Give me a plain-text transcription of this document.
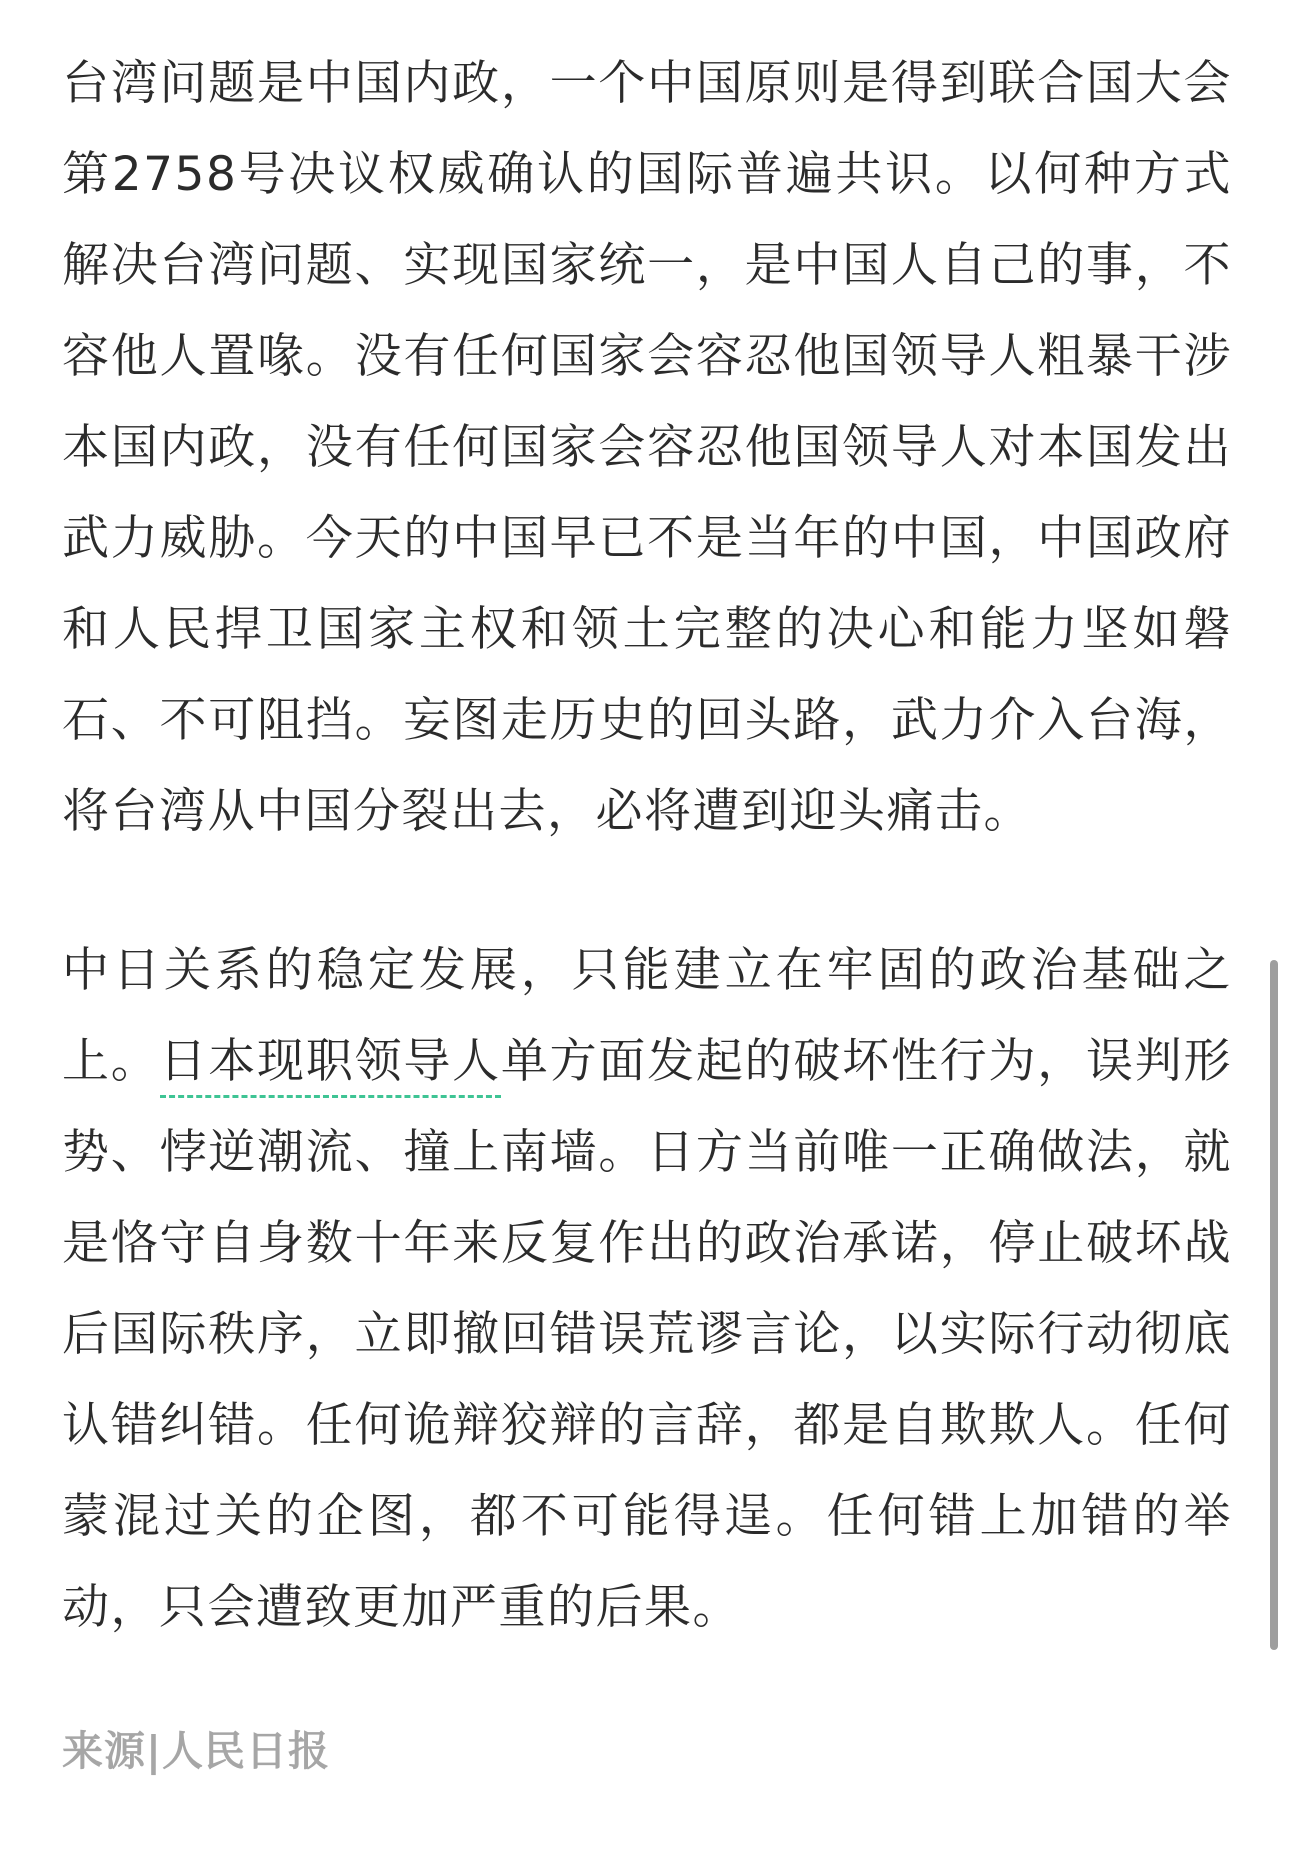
台湾问题是中国内政，一个中国原则是得到联合国大会第2758号决议权威确认的国际普遍共识。以何种方式解决台湾问题、实现国家统一，是中国人自己的事，不容他人置喙。没有任何国家会容忍他国领导人粗暴干涉本国内政，没有任何国家会容忍他国领导人对本国发出武力威胁。今天的中国早已不是当年的中国，中国政府和人民捍卫国家主权和领土完整的决心和能力坚如磐石、不可阻挡。妄图走历史的回头路，武力介入台海，将台湾从中国分裂出去，必将遭到迎头痛击。

中日关系的稳定发展，只能建立在牢固的政治基础之上。日本现职领导人单方面发起的破坏性行为，误判形势、悖逆潮流、撞上南墙。日方当前唯一正确做法，就是恪守自身数十年来反复作出的政治承诺，停止破坏战后国际秩序，立即撤回错误荒谬言论，以实际行动彻底认错纠错。任何诡辩狡辩的言辞，都是自欺欺人。任何蒙混过关的企图，都不可能得逞。任何错上加错的举动，只会遭致更加严重的后果。

来源|人民日报
